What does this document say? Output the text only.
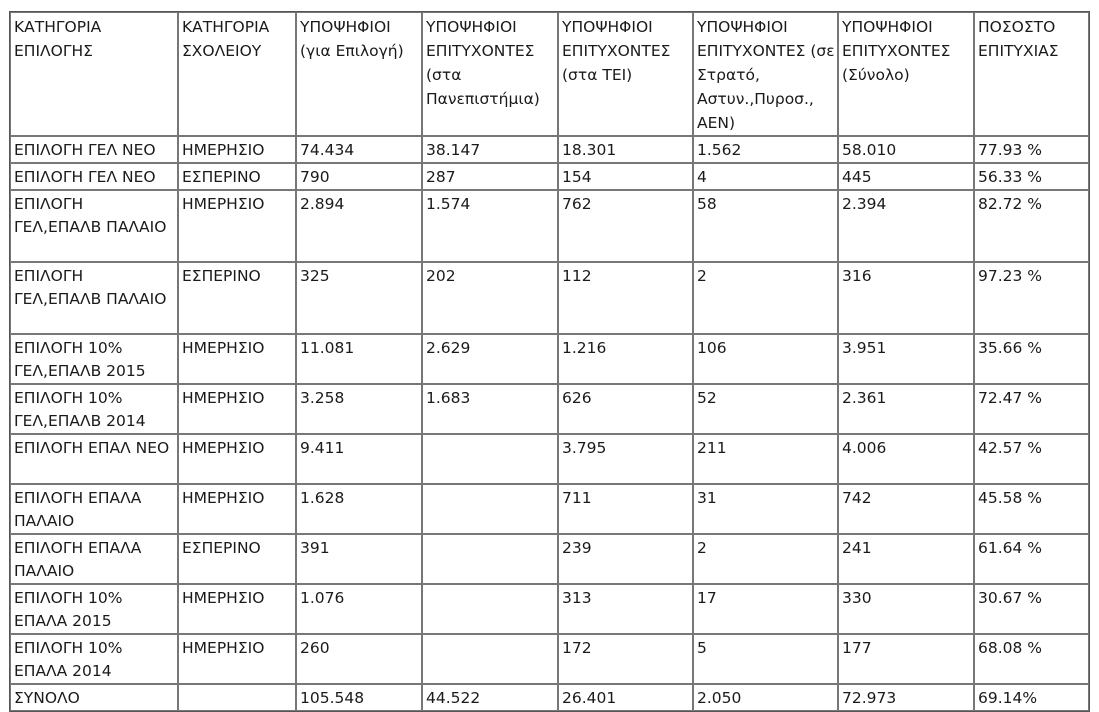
ΚΑΤΗΓΟΡΙΑ ΕΠΙΛΟΓΗΣ	ΚΑΤΗΓΟΡΙΑ ΣΧΟΛΕΙΟΥ	ΥΠΟΨΗΦΙΟΙ (για Επιλογή)	ΥΠΟΨΗΦΙΟΙ ΕΠΙΤΥΧΟΝΤΕΣ (στα Πανεπιστήμια)	ΥΠΟΨΗΦΙΟΙ ΕΠΙΤΥΧΟΝΤΕΣ (στα ΤΕΙ)	ΥΠΟΨΗΦΙΟΙ ΕΠΙΤΥΧΟΝΤΕΣ (σε Στρατό, Αστυν.,Πυροσ., ΑΕΝ)	ΥΠΟΨΗΦΙΟΙ ΕΠΙΤΥΧΟΝΤΕΣ (Σύνολο)	ΠΟΣΟΣΤΟ ΕΠΙΤΥΧΙΑΣ
ΕΠΙΛΟΓΗ ΓΕΛ ΝΕΟ	ΗΜΕΡΗΣΙΟ	74.434	38.147	18.301	1.562	58.010	77.93 %
ΕΠΙΛΟΓΗ ΓΕΛ ΝΕΟ	ΕΣΠΕΡΙΝΟ	790	287	154	4	445	56.33 %
ΕΠΙΛΟΓΗ ΓΕΛ,ΕΠΑΛΒ ΠΑΛΑΙΟ	ΗΜΕΡΗΣΙΟ	2.894	1.574	762	58	2.394	82.72 %
ΕΠΙΛΟΓΗ ΓΕΛ,ΕΠΑΛΒ ΠΑΛΑΙΟ	ΕΣΠΕΡΙΝΟ	325	202	112	2	316	97.23 %
ΕΠΙΛΟΓΗ 10% ΓΕΛ,ΕΠΑΛΒ 2015	ΗΜΕΡΗΣΙΟ	11.081	2.629	1.216	106	3.951	35.66 %
ΕΠΙΛΟΓΗ 10% ΓΕΛ,ΕΠΑΛΒ 2014	ΗΜΕΡΗΣΙΟ	3.258	1.683	626	52	2.361	72.47 %
ΕΠΙΛΟΓΗ ΕΠΑΛ ΝΕΟ	ΗΜΕΡΗΣΙΟ	9.411		3.795	211	4.006	42.57 %
ΕΠΙΛΟΓΗ ΕΠΑΛΑ ΠΑΛΑΙΟ	ΗΜΕΡΗΣΙΟ	1.628		711	31	742	45.58 %
ΕΠΙΛΟΓΗ ΕΠΑΛΑ ΠΑΛΑΙΟ	ΕΣΠΕΡΙΝΟ	391		239	2	241	61.64 %
ΕΠΙΛΟΓΗ 10% ΕΠΑΛΑ 2015	ΗΜΕΡΗΣΙΟ	1.076		313	17	330	30.67 %
ΕΠΙΛΟΓΗ 10% ΕΠΑΛΑ 2014	ΗΜΕΡΗΣΙΟ	260		172	5	177	68.08 %
ΣΥΝΟΛΟ		105.548	44.522	26.401	2.050	72.973	69.14%
